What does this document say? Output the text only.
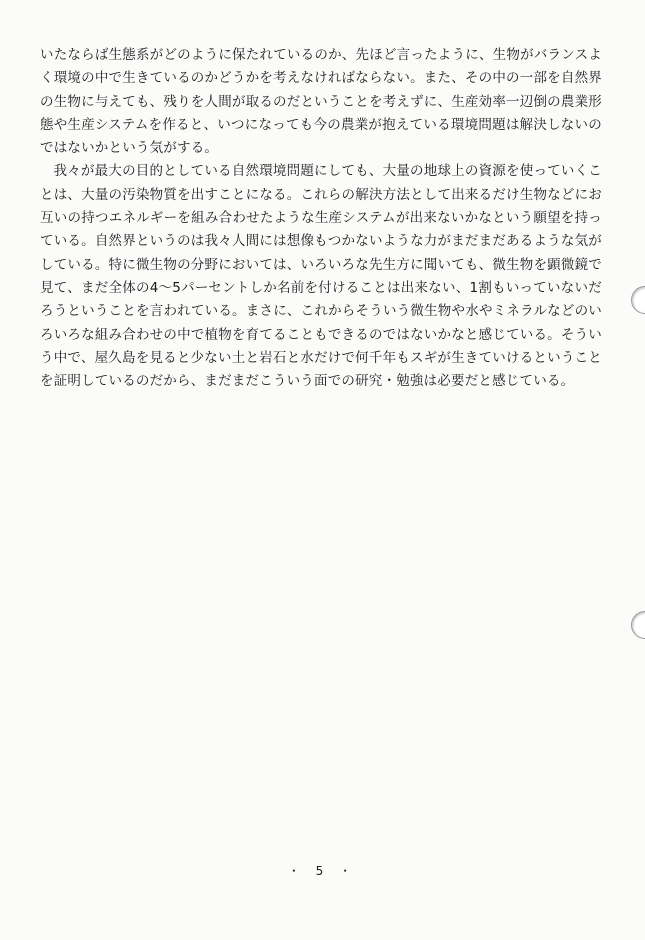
いたならば生態系がどのように保たれているのか、先ほど言ったように、生物がバランスよく環境の中で生きているのかどうかを考えなければならない。また、その中の一部を自然界の生物に与えても、残りを人間が取るのだということを考えずに、生産効率一辺倒の農業形態や生産システムを作ると、いつになっても今の農業が抱えている環境問題は解決しないのではないかという気がする。

我々が最大の目的としている自然環境問題にしても、大量の地球上の資源を使っていくことは、大量の汚染物質を出すことになる。これらの解決方法として出来るだけ生物などにお互いの持つエネルギーを組み合わせたような生産システムが出来ないかなという願望を持っている。自然界というのは我々人間には想像もつかないような力がまだまだあるような気がしている。特に微生物の分野においては、いろいろな先生方に聞いても、微生物を顕微鏡で見て、まだ全体の4～5パーセントしか名前を付けることは出来ない、1割もいっていないだろうということを言われている。まさに、これからそういう微生物や水やミネラルなどのいろいろな組み合わせの中で植物を育てることもできるのではないかなと感じている。そういう中で、屋久島を見ると少ない土と岩石と水だけで何千年もスギが生きていけるということを証明しているのだから、まだまだこういう面での研究・勉強は必要だと感じている。

・ 5 ・
